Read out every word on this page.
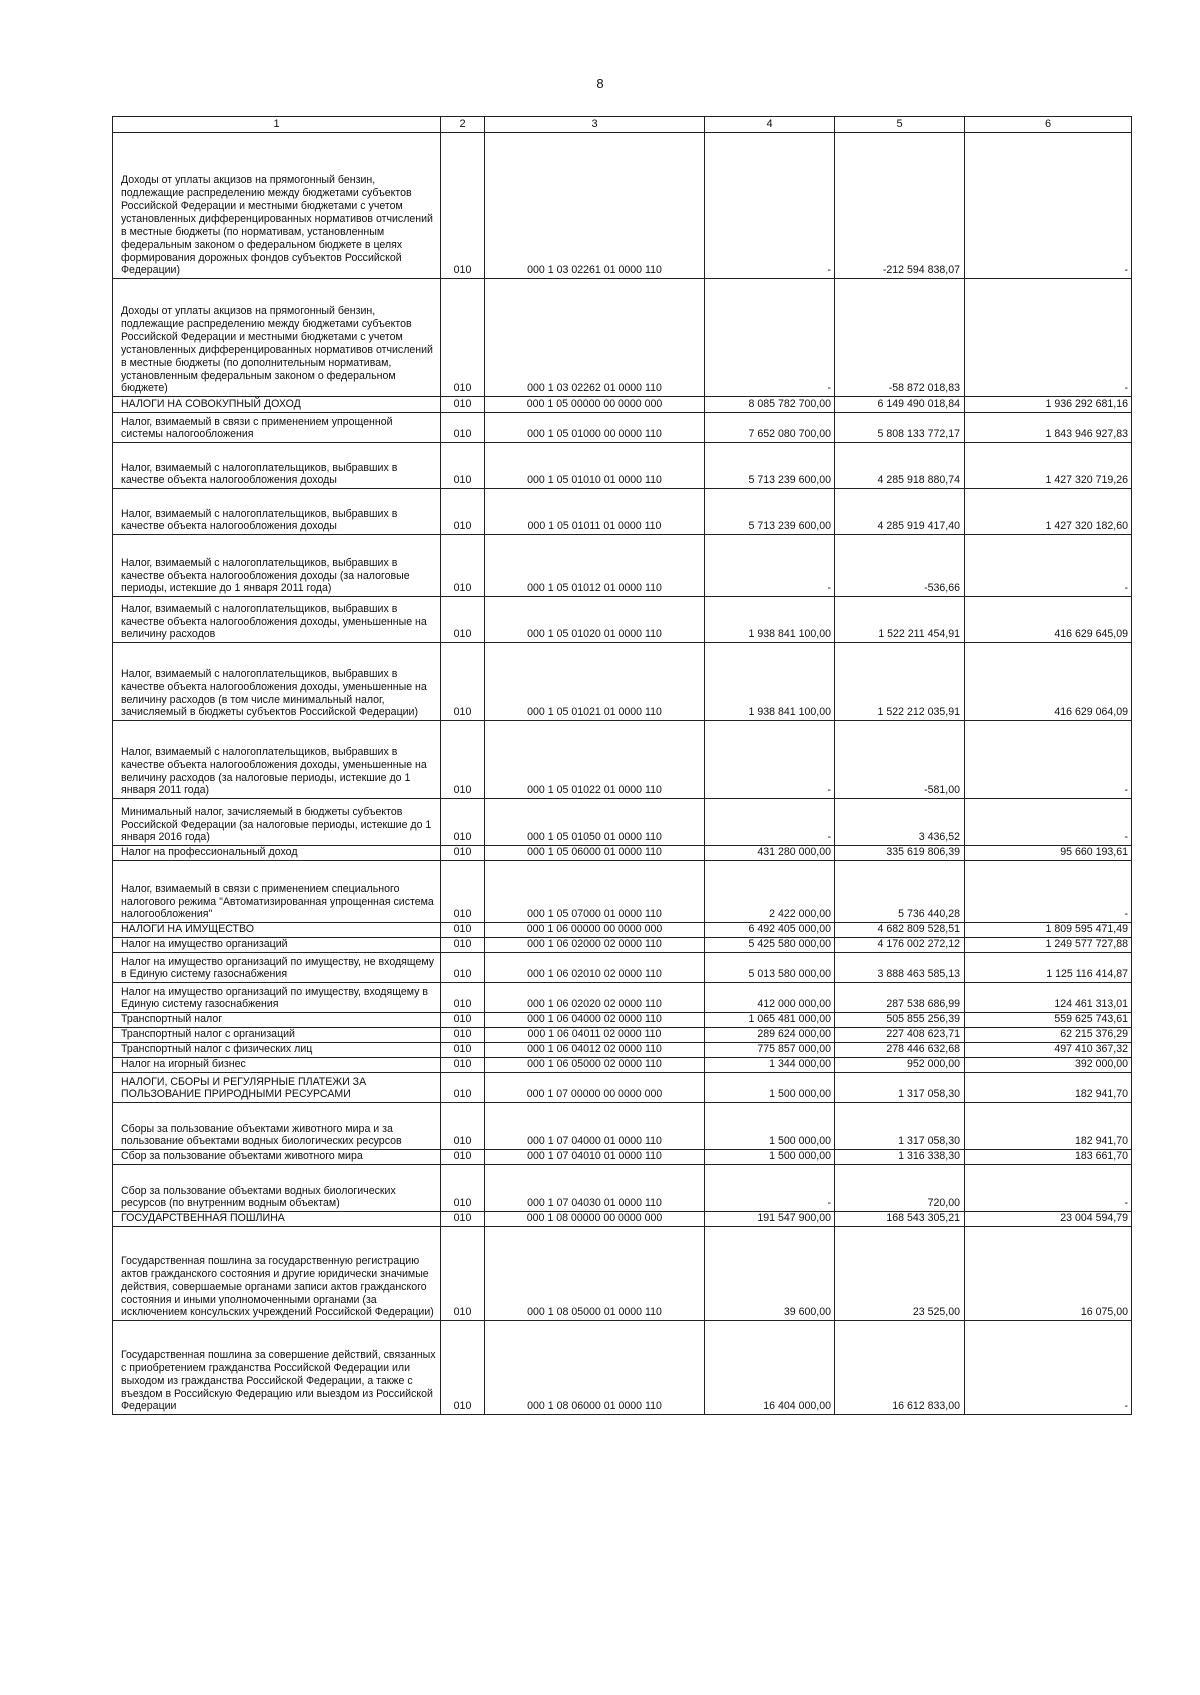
8
1	2	3	4	5	6
Доходы от уплаты акцизов на прямогонный бензин, подлежащие распределению между бюджетами субъектов Российской Федерации и местными бюджетами с учетом установленных дифференцированных нормативов отчислений в местные бюджеты (по нормативам, установленным федеральным законом о федеральном бюджете в целях формирования дорожных фондов субъектов Российской Федерации)	010	000 1 03 02261 01 0000 110	-	-212 594 838,07	-
Доходы от уплаты акцизов на прямогонный бензин, подлежащие распределению между бюджетами субъектов Российской Федерации и местными бюджетами с учетом установленных дифференцированных нормативов отчислений в местные бюджеты (по дополнительным нормативам, установленным федеральным законом о федеральном бюджете)	010	000 1 03 02262 01 0000 110	-	-58 872 018,83	-
НАЛОГИ НА СОВОКУПНЫЙ ДОХОД	010	000 1 05 00000 00 0000 000	8 085 782 700,00	6 149 490 018,84	1 936 292 681,16
Налог, взимаемый в связи с применением упрощенной системы налогообложения	010	000 1 05 01000 00 0000 110	7 652 080 700,00	5 808 133 772,17	1 843 946 927,83
Налог, взимаемый с налогоплательщиков, выбравших в качестве объекта налогообложения доходы	010	000 1 05 01010 01 0000 110	5 713 239 600,00	4 285 918 880,74	1 427 320 719,26
Налог, взимаемый с налогоплательщиков, выбравших в качестве объекта налогообложения доходы	010	000 1 05 01011 01 0000 110	5 713 239 600,00	4 285 919 417,40	1 427 320 182,60
Налог, взимаемый с налогоплательщиков, выбравших в качестве объекта налогообложения доходы (за налоговые периоды, истекшие до 1 января 2011 года)	010	000 1 05 01012 01 0000 110	-	-536,66	-
Налог, взимаемый с налогоплательщиков, выбравших в качестве объекта налогообложения доходы, уменьшенные на величину расходов	010	000 1 05 01020 01 0000 110	1 938 841 100,00	1 522 211 454,91	416 629 645,09
Налог, взимаемый с налогоплательщиков, выбравших в качестве объекта налогообложения доходы, уменьшенные на величину расходов (в том числе минимальный налог, зачисляемый в бюджеты субъектов Российской Федерации)	010	000 1 05 01021 01 0000 110	1 938 841 100,00	1 522 212 035,91	416 629 064,09
Налог, взимаемый с налогоплательщиков, выбравших в качестве объекта налогообложения доходы, уменьшенные на величину расходов (за налоговые периоды, истекшие до 1 января 2011 года)	010	000 1 05 01022 01 0000 110	-	-581,00	-
Минимальный налог, зачисляемый в бюджеты субъектов Российской Федерации (за налоговые периоды, истекшие до 1 января 2016 года)	010	000 1 05 01050 01 0000 110	-	3 436,52	-
Налог на профессиональный доход	010	000 1 05 06000 01 0000 110	431 280 000,00	335 619 806,39	95 660 193,61
Налог, взимаемый в связи с применением специального налогового режима "Автоматизированная упрощенная система налогообложения"	010	000 1 05 07000 01 0000 110	2 422 000,00	5 736 440,28	-
НАЛОГИ НА ИМУЩЕСТВО	010	000 1 06 00000 00 0000 000	6 492 405 000,00	4 682 809 528,51	1 809 595 471,49
Налог на имущество организаций	010	000 1 06 02000 02 0000 110	5 425 580 000,00	4 176 002 272,12	1 249 577 727,88
Налог на имущество организаций по имуществу, не входящему в Единую систему газоснабжения	010	000 1 06 02010 02 0000 110	5 013 580 000,00	3 888 463 585,13	1 125 116 414,87
Налог на имущество организаций по имуществу, входящему в Единую систему газоснабжения	010	000 1 06 02020 02 0000 110	412 000 000,00	287 538 686,99	124 461 313,01
Транспортный налог	010	000 1 06 04000 02 0000 110	1 065 481 000,00	505 855 256,39	559 625 743,61
Транспортный налог с организаций	010	000 1 06 04011 02 0000 110	289 624 000,00	227 408 623,71	62 215 376,29
Транспортный налог с физических лиц	010	000 1 06 04012 02 0000 110	775 857 000,00	278 446 632,68	497 410 367,32
Налог на игорный бизнес	010	000 1 06 05000 02 0000 110	1 344 000,00	952 000,00	392 000,00
НАЛОГИ, СБОРЫ И РЕГУЛЯРНЫЕ ПЛАТЕЖИ ЗА ПОЛЬЗОВАНИЕ ПРИРОДНЫМИ РЕСУРСАМИ	010	000 1 07 00000 00 0000 000	1 500 000,00	1 317 058,30	182 941,70
Сборы за пользование объектами животного мира и за пользование объектами водных биологических ресурсов	010	000 1 07 04000 01 0000 110	1 500 000,00	1 317 058,30	182 941,70
Сбор за пользование объектами животного мира	010	000 1 07 04010 01 0000 110	1 500 000,00	1 316 338,30	183 661,70
Сбор за пользование объектами водных биологических ресурсов (по внутренним водным объектам)	010	000 1 07 04030 01 0000 110	-	720,00	-
ГОСУДАРСТВЕННАЯ ПОШЛИНА	010	000 1 08 00000 00 0000 000	191 547 900,00	168 543 305,21	23 004 594,79
Государственная пошлина за государственную регистрацию актов гражданского состояния и другие юридически значимые действия, совершаемые органами записи актов гражданского состояния и иными уполномоченными органами (за исключением консульских учреждений Российской Федерации)	010	000 1 08 05000 01 0000 110	39 600,00	23 525,00	16 075,00
Государственная пошлина за совершение действий, связанных с приобретением гражданства Российской Федерации или выходом из гражданства Российской Федерации, а также с въездом в Российскую Федерацию или выездом из Российской Федерации	010	000 1 08 06000 01 0000 110	16 404 000,00	16 612 833,00	-
